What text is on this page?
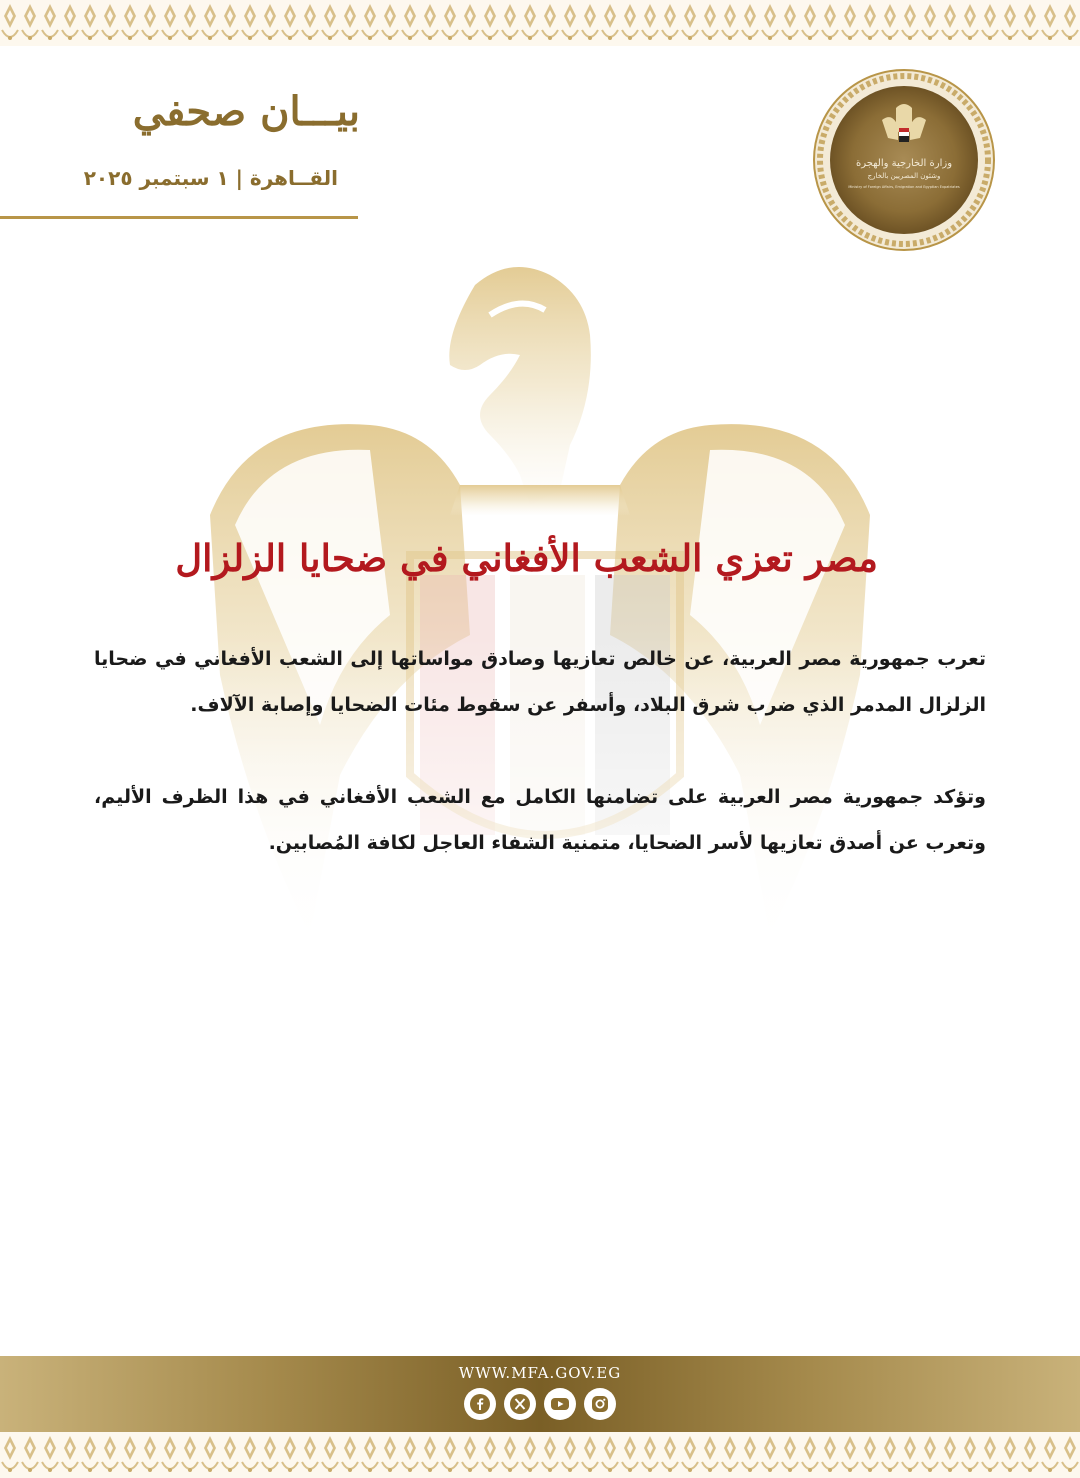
بيـــان صحفي
القــاهرة | ١ سبتمبر ٢٠٢٥
وزارة الخارجية والهجرة
وشئون المصريين بالخارج
Ministry of Foreign Affairs, Emigration and Egyptian Expatriates
مصر تعزي الشعب الأفغاني في ضحايا الزلزال
تعرب جمهورية مصر العربية، عن خالص تعازيها وصادق مواساتها إلى الشعب الأفغاني في ضحايا الزلزال المدمر الذي ضرب شرق البلاد، وأسفر عن سقوط مئات الضحايا وإصابة الآلاف.
وتؤكد جمهورية مصر العربية على تضامنها الكامل مع الشعب الأفغاني في هذا الظرف الأليم، وتعرب عن أصدق تعازيها لأسر الضحايا، متمنية الشفاء العاجل لكافة المُصابين.
WWW.MFA.GOV.EG
